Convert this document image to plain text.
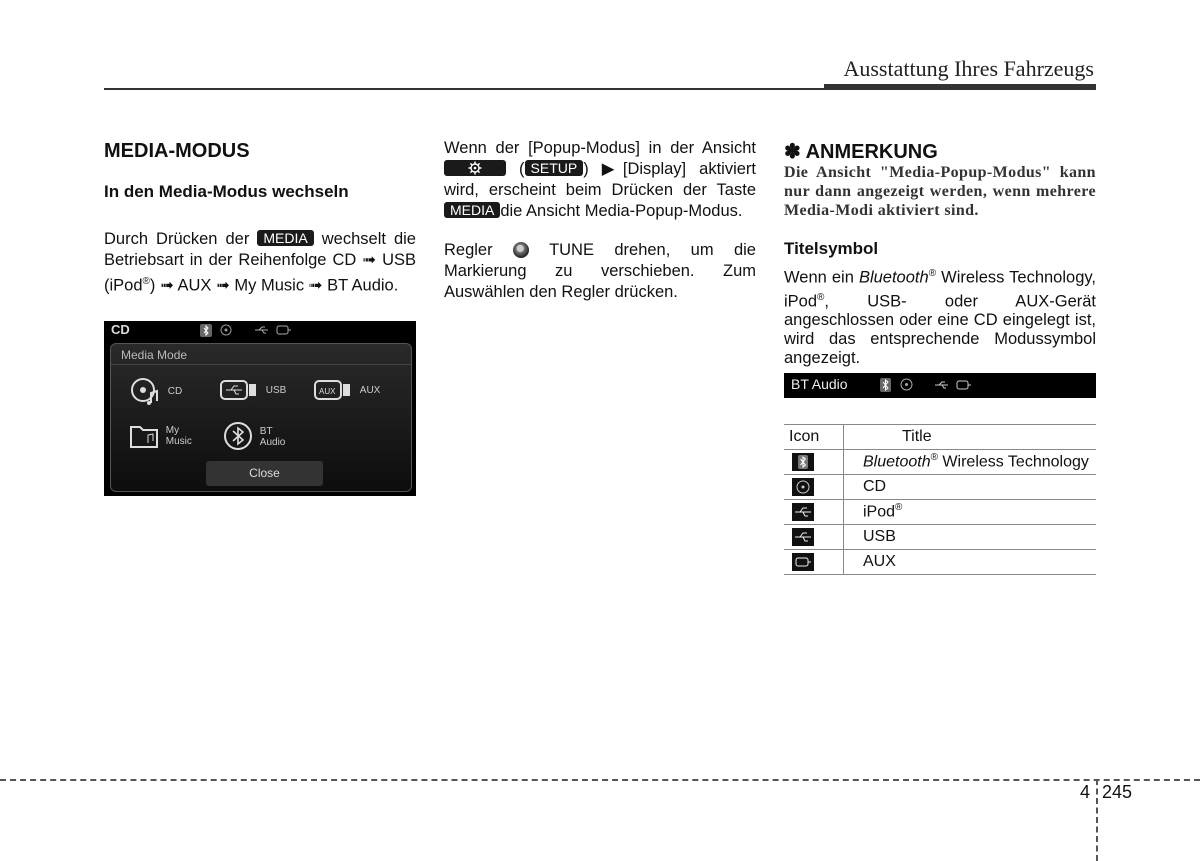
Ausstattung Ihres Fahrzeugs
MEDIA-MODUS
In den Media-Modus wechseln
Durch Drücken der MEDIA wechselt die Betriebsart in der Reihenfolge CD ➟ USB (iPod®) ➟ AUX ➟ My Music ➟ BT Audio.
CD
Media Mode
CD	USB	AUX AUX
My
Music
BT
Audio
Close
Wenn der [Popup-Modus] in der Ansicht  ( SETUP ) ▶[Display] aktiviert wird, erscheint beim Drücken der Taste MEDIA die Ansicht Media-Popup-Modus.
Regler	TUNE drehen, um die Markierung zu verschieben. Zum Auswählen den Regler drücken.
✽ ANMERKUNG
Die Ansicht "Media-Popup-Modus" kann nur dann angezeigt werden, wenn mehrere Media-Modi aktiviert sind.
Titelsymbol
Wenn ein Bluetooth® Wireless Technology, iPod®, USB- oder AUX-Gerät angeschlossen oder eine CD eingelegt ist, wird das entsprechende Modussymbol angezeigt.
BT Audio
Icon	Title
	Bluetooth® Wireless Technology
	CD
	iPod®
	USB
	AUX
4 245
